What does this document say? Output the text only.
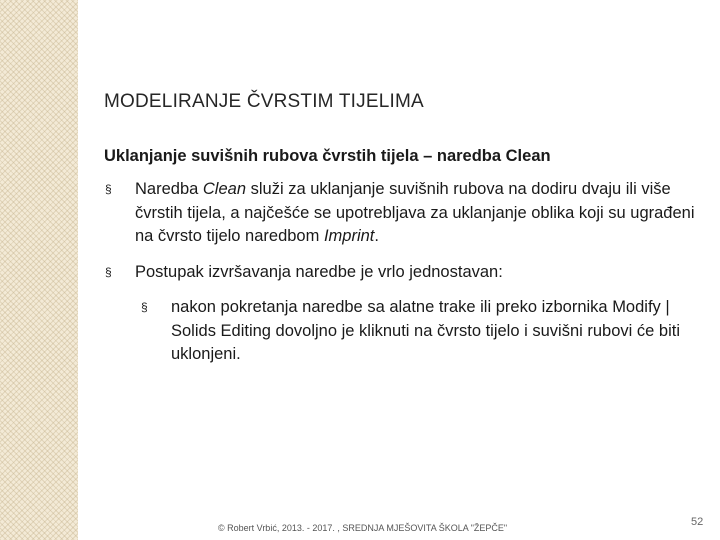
MODELIRANJE ČVRSTIM TIJELIMA
Uklanjanje suvišnih rubova čvrstih tijela – naredba Clean
§ Naredba Clean služi za uklanjanje suvišnih rubova na dodiru dvaju ili više čvrstih tijela, a najčešće se upotrebljava za uklanjanje oblika koji su ugrađeni na čvrsto tijelo naredbom Imprint.
§ Postupak izvršavanja naredbe je vrlo jednostavan:
§ nakon pokretanja naredbe sa alatne trake ili preko izbornika Modify | Solids Editing dovoljno je kliknuti na čvrsto tijelo i suvišni rubovi će biti uklonjeni.
© Robert Vrbić, 2013. - 2017. , SREDNJA MJEŠOVITA ŠKOLA "ŽEPČE"	52
